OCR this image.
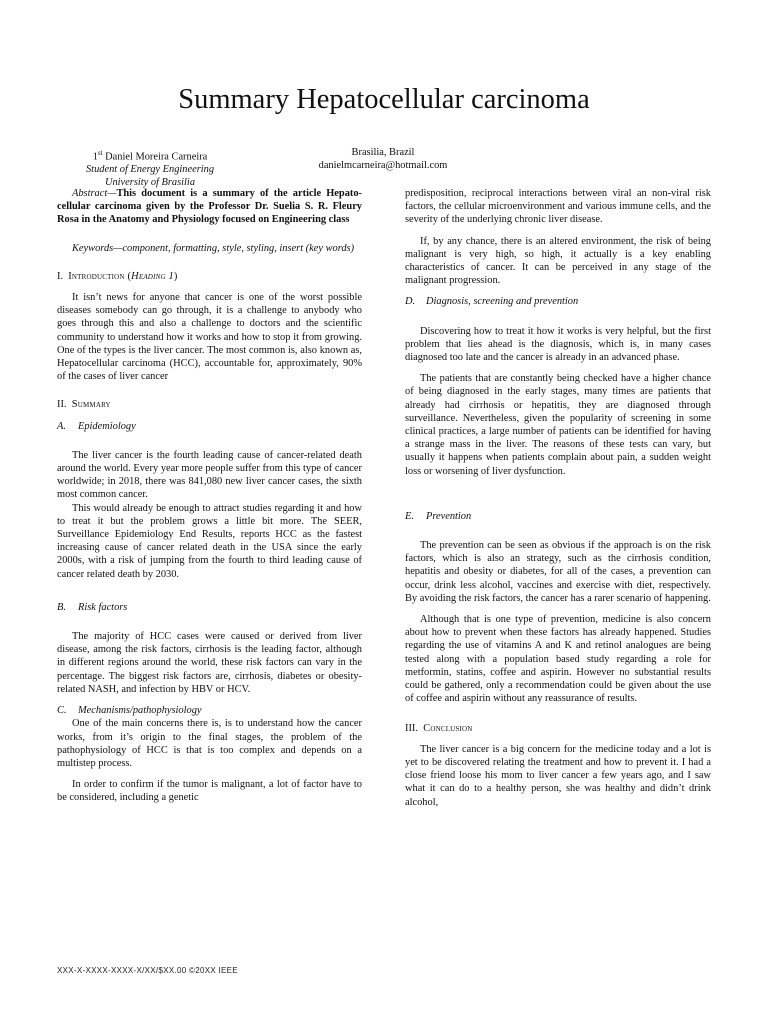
Summary Hepatocellular carcinoma
1st Daniel Moreira Carneira
Student of Energy Engineering
University of Brasilia
Brasilia, Brazil
danielmcarneira@hotmail.com

Abstract—This document is a summary of the article Hepato-cellular carcinoma given by the Professor Dr. Suelia S. R. Fleury Rosa in the Anatomy and Physiology focused on Engineering class

Keywords—component, formatting, style, styling, insert (key words)

I. Introduction (Heading 1)

It isn’t news for anyone that cancer is one of the worst possible diseases somebody can go through, it is a challenge to anybody who goes through this and also a challenge to doctors and the scientific community to understand how it works and how to stop it from growing. One of the types is the liver cancer. The most common is, also known as, Hepatocellular carcinoma (HCC), accountable for, approximately, 90% of the cases of liver cancer

II. Summary

A. Epidemiology

The liver cancer is the fourth leading cause of cancer-related death around the world. Every year more people suffer from this type of cancer worldwide; in 2018, there was 841,080 new liver cancer cases, the sixth most common cancer.

This would already be enough to attract studies regarding it and how to treat it but the problem grows a little bit more. The SEER, Surveillance Epidemiology End Results, reports HCC as the fastest increasing cause of cancer related death in the USA since the early 2000s, with a risk of jumping from the fourth to third leading cause of cancer related death by 2030.

B. Risk factors

The majority of HCC cases were caused or derived from liver disease, among the risk factors, cirrhosis is the leading factor, although in different regions around the world, these risk factors can vary in the percentage. The biggest risk factors are, cirrhosis, diabetes or obesity-related NASH, and infection by HBV or HCV.

C. Mechanisms/pathophysiology

One of the main concerns there is, is to understand how the cancer works, from it’s origin to the final stages, the problem of the pathophysiology of HCC is that is too complex and depends on a multistep process.

In order to confirm if the tumor is malignant, a lot of factor have to be considered, including a genetic

predisposition, reciprocal interactions between viral an non-viral risk factors, the cellular microenvironment and various immune cells, and the severity of the underlying chronic liver disease.

If, by any chance, there is an altered environment, the risk of being malignant is very high, so high, it actually is a key enabling characteristics of cancer. It can be perceived in any stage of the malignant progression.

D. Diagnosis, screening and prevention

Discovering how to treat it how it works is very helpful, but the first problem that lies ahead is the diagnosis, which is, in many cases diagnosed too late and the cancer is already in an advanced phase.

The patients that are constantly being checked have a higher chance of being diagnosed in the early stages, many times are patients that already had cirrhosis or hepatitis, they are diagnosed through surveillance. Nevertheless, given the popularity of screening in some clinical practices, a large number of patients can be identified for having a strange mass in the liver. The reasons of these tests can vary, but usually it happens when patients complain about pain, a sudden weight loss or worsening of liver dysfunction.

E. Prevention

The prevention can be seen as obvious if the approach is on the risk factors, which is also an strategy, such as the cirrhosis condition, hepatitis and obesity or diabetes, for all of the cases, a prevention can occur, drink less alcohol, vaccines and exercise with diet, respectively. By avoiding the risk factors, the cancer has a rarer scenario of happening.

Although that is one type of prevention, medicine is also concern about how to prevent when these factors has already happened. Studies regarding the use of vitamins A and K and retinol analogues are being tested along with a population based study regarding a role for metformin, statins, coffee and aspirin. However no substantial results could be gathered, only a recommendation could be given about the use of coffee and aspirin without any reassurance of results.

III. Conclusion

The liver cancer is a big concern for the medicine today and a lot is yet to be discovered relating the treatment and how to prevent it. I had a close friend loose his mom to liver cancer a few years ago, and I saw what it can do to a healthy person, she was healthy and didn’t drink alcohol,

XXX-X-XXXX-XXXX-X/XX/$XX.00 ©20XX IEEE
